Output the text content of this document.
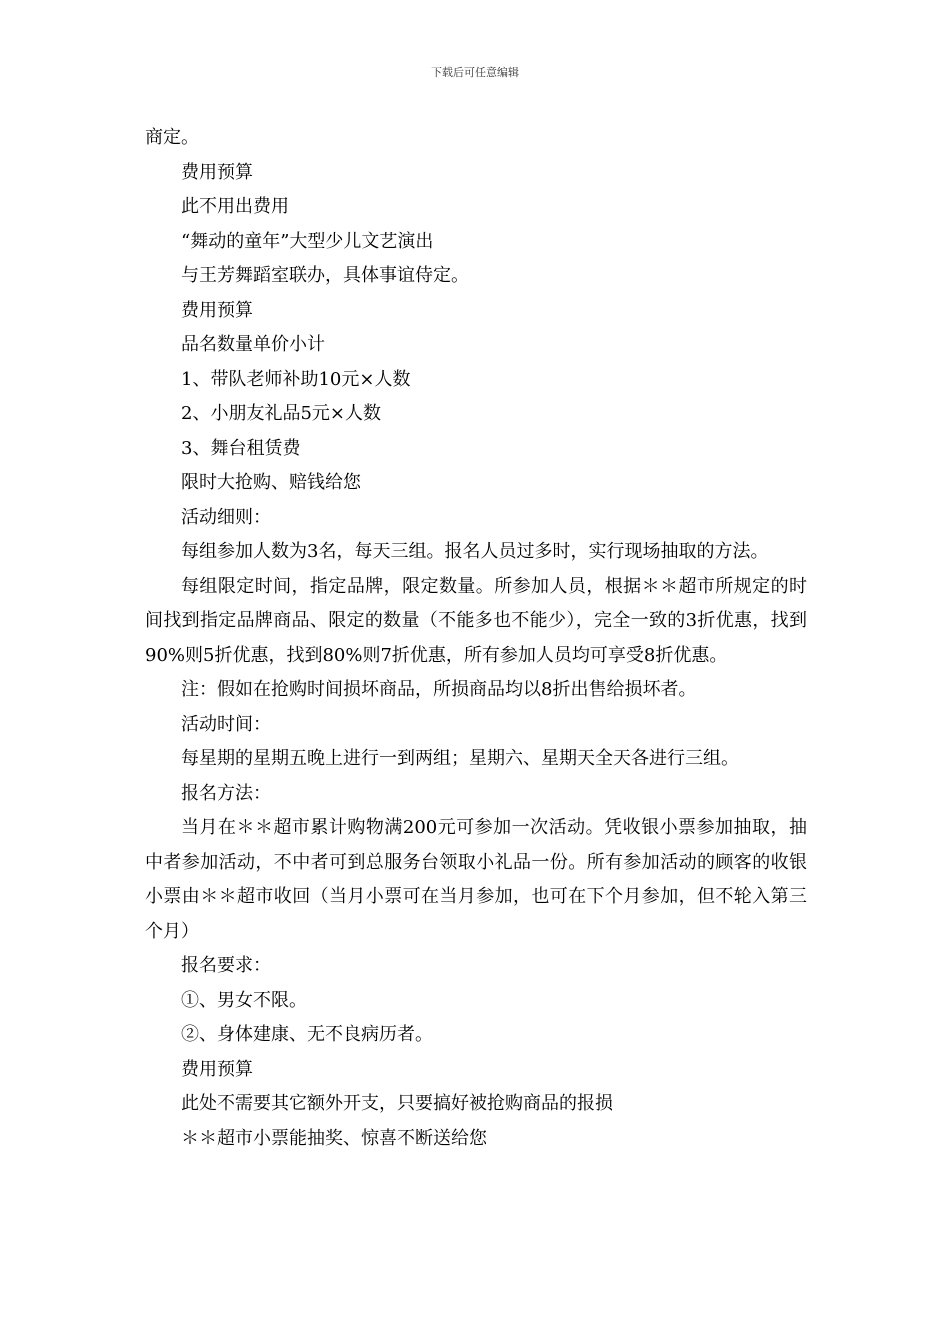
下载后可任意编辑

商定。

费用预算

此不用出费用

“舞动的童年”大型少儿文艺演出

与王芳舞蹈室联办，具体事谊侍定。

费用预算

品名数量单价小计

1、带队老师补助10元×人数

2、小朋友礼品5元×人数

3、舞台租赁费

限时大抢购、赔钱给您

活动细则：

每组参加人数为3名，每天三组。报名人员过多时，实行现场抽取的方法。

每组限定时间，指定品牌，限定数量。所参加人员，根据＊＊超市所规定的时间找到指定品牌商品、限定的数量（不能多也不能少），完全一致的3折优惠，找到90%则5折优惠，找到80%则7折优惠，所有参加人员均可享受8折优惠。

注：假如在抢购时间损坏商品，所损商品均以8折出售给损坏者。

活动时间：

每星期的星期五晚上进行一到两组；星期六、星期天全天各进行三组。

报名方法：

当月在＊＊超市累计购物满200元可参加一次活动。凭收银小票参加抽取，抽中者参加活动，不中者可到总服务台领取小礼品一份。所有参加活动的顾客的收银小票由＊＊超市收回（当月小票可在当月参加，也可在下个月参加，但不轮入第三个月）

报名要求：

①、男女不限。

②、身体建康、无不良病历者。

费用预算

此处不需要其它额外开支，只要搞好被抢购商品的报损

＊＊超市小票能抽奖、惊喜不断送给您
